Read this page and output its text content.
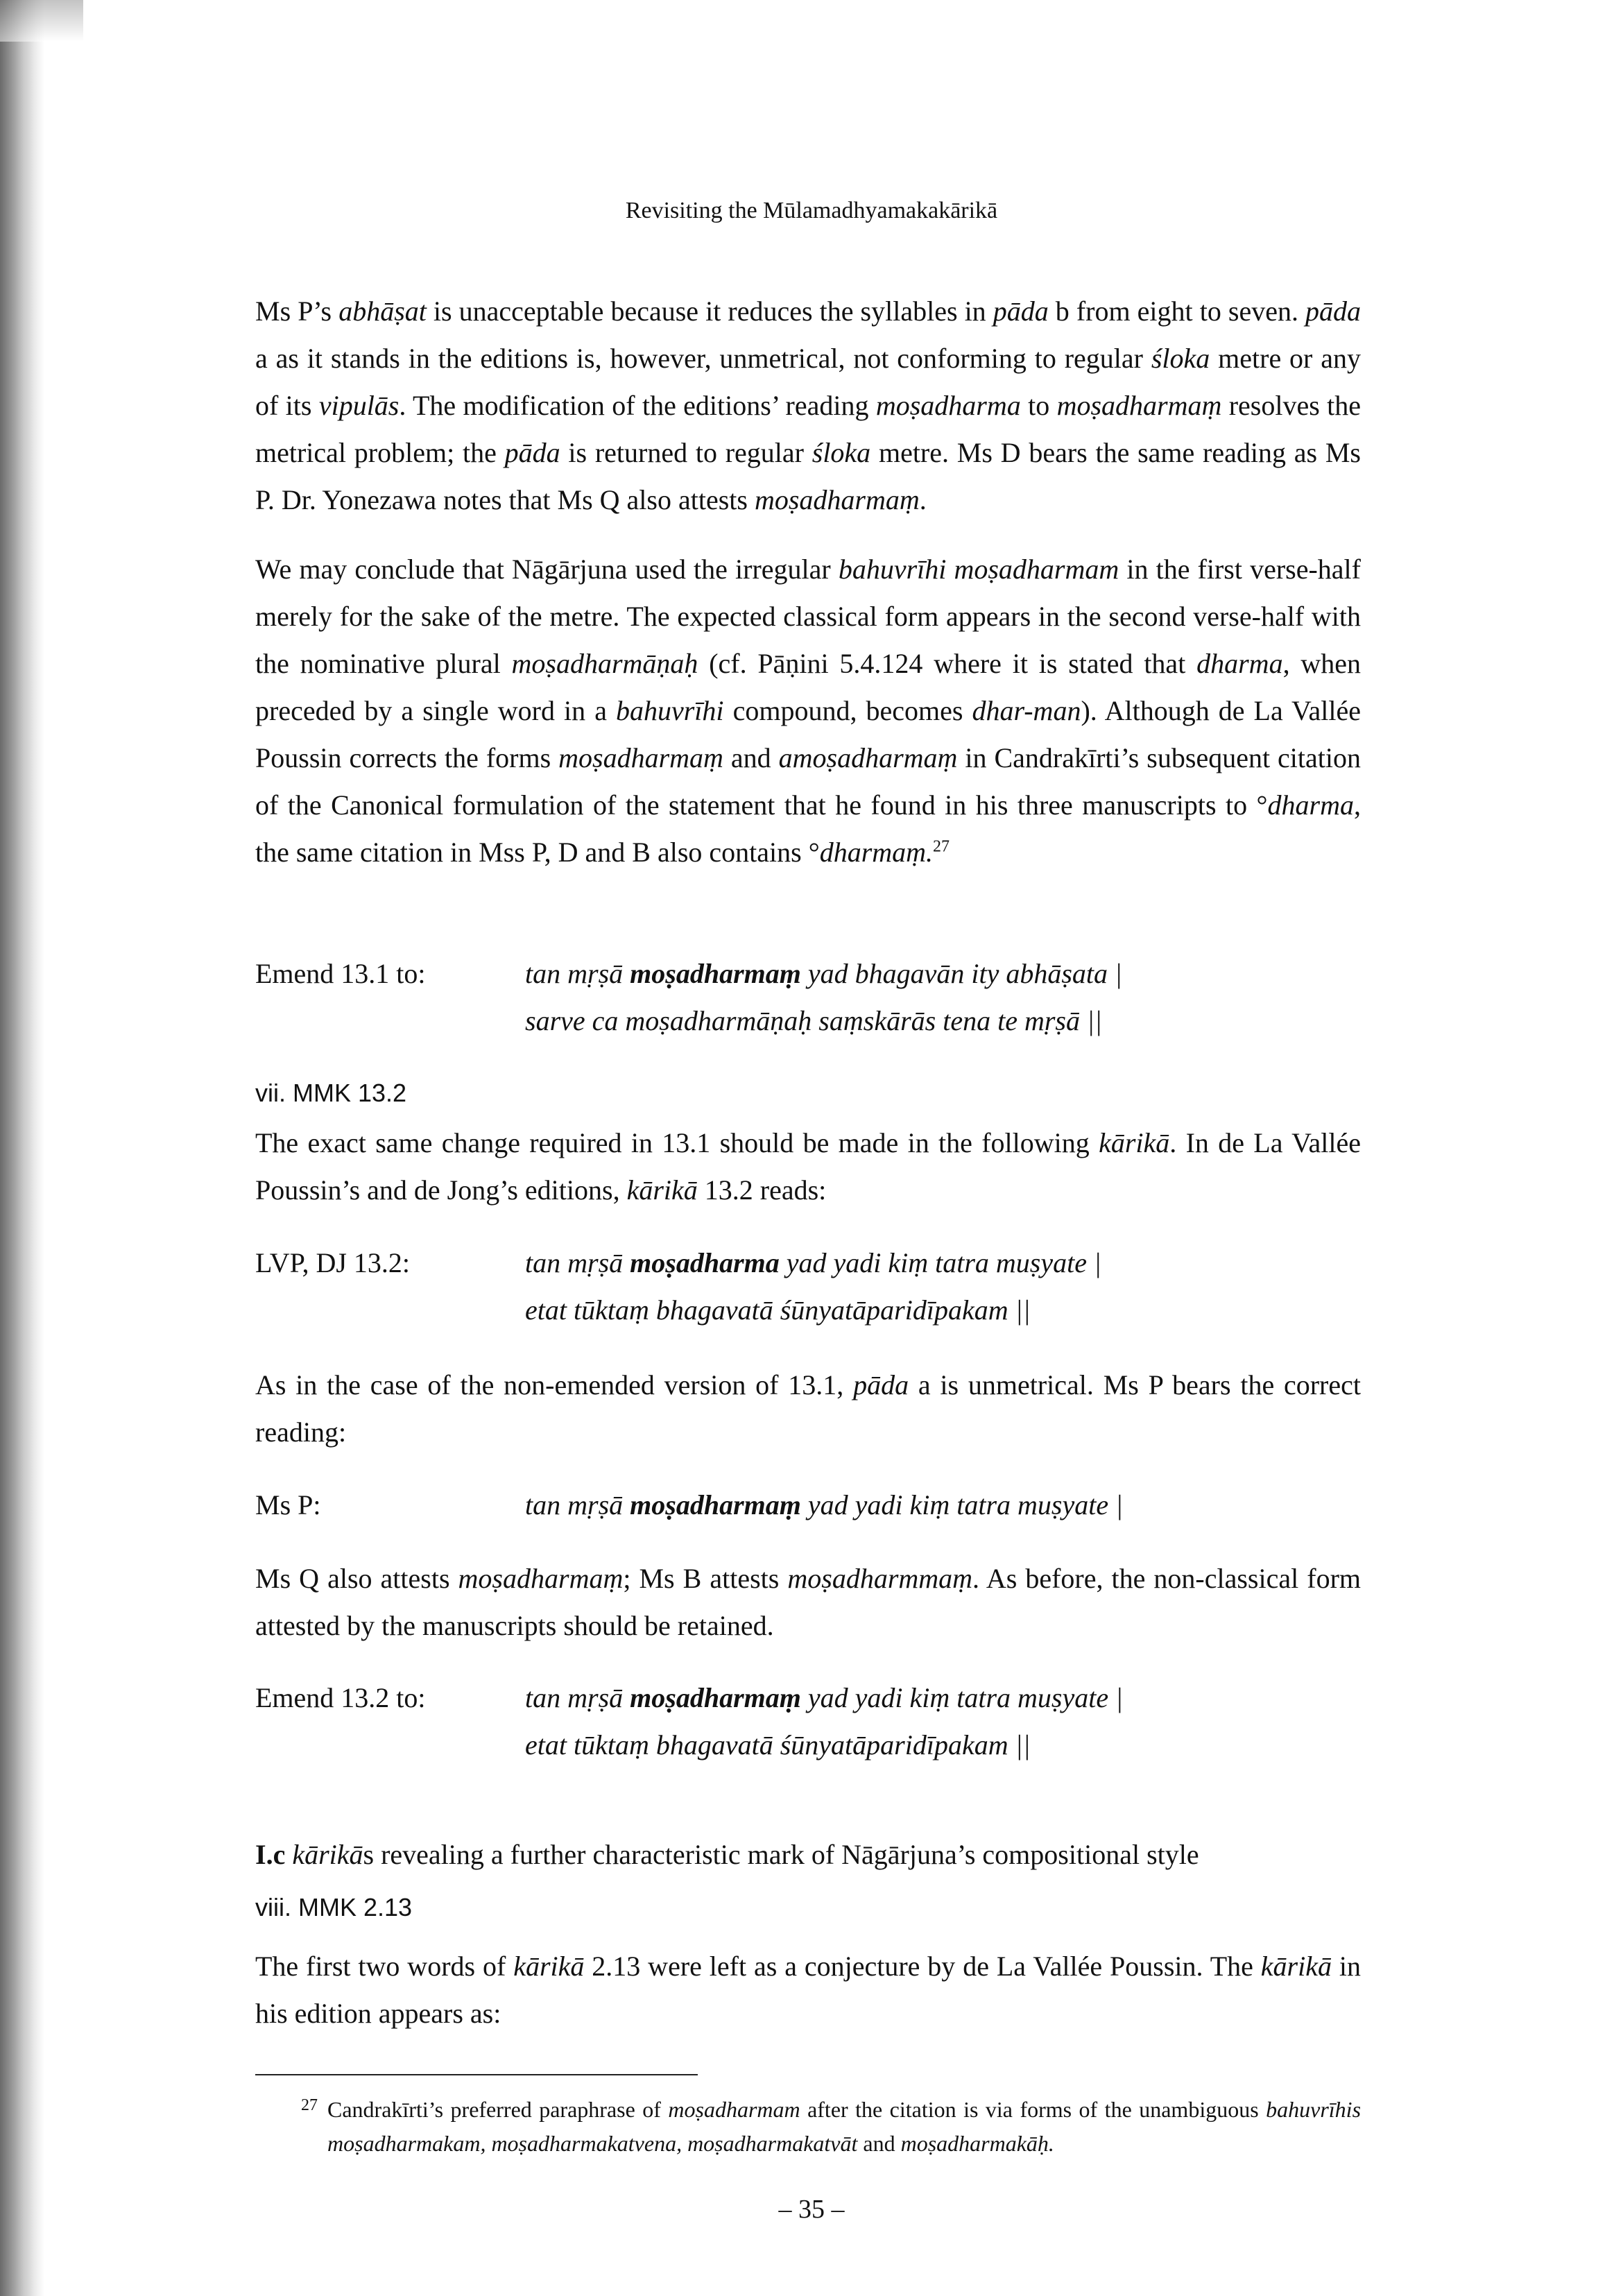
Revisiting the Mūlamadhyamakakārikā
Ms P’s abhāṣat is unacceptable because it reduces the syllables in pāda b from eight to seven. pāda a as it stands in the editions is, however, unmetrical, not conforming to regular śloka metre or any of its vipulās. The modification of the editions’ reading moṣadharma to moṣadharmaṃ resolves the metrical problem; the pāda is returned to regular śloka metre. Ms D bears the same reading as Ms P. Dr. Yonezawa notes that Ms Q also attests moṣadharmaṃ.
We may conclude that Nāgārjuna used the irregular bahuvrīhi moṣadharmam in the first verse-half merely for the sake of the metre. The expected classical form appears in the second verse-half with the nominative plural moṣadharmāṇaḥ (cf. Pāṇini 5.4.124 where it is stated that dharma, when preceded by a single word in a bahuvrīhi compound, becomes dhar-man). Although de La Vallée Poussin corrects the forms moṣadharmaṃ and amoṣadharmaṃ in Candrakīrti’s subsequent citation of the Canonical formulation of the statement that he found in his three manuscripts to °dharma, the same citation in Mss P, D and B also contains °dharmaṃ.$^{27}$
Emend 13.1 to:	tan mṛṣā moṣadharmaṃ yad bhagavān ity abhāṣata |
sarve ca moṣadharmāṇaḥ saṃskārās tena te mṛṣā ||
vii. MMK 13.2
The exact same change required in 13.1 should be made in the following kārikā. In de La Vallée Poussin’s and de Jong’s editions, kārikā 13.2 reads:
LVP, DJ 13.2:	tan mṛṣā moṣadharma yad yadi kiṃ tatra muṣyate |
etat tūktaṃ bhagavatā śūnyatāparidīpakam ||
As in the case of the non-emended version of 13.1, pāda a is unmetrical. Ms P bears the correct reading:
Ms P:	tan mṛṣā moṣadharmaṃ yad yadi kiṃ tatra muṣyate |
Ms Q also attests moṣadharmaṃ; Ms B attests moṣadharmmaṃ. As before, the non-classical form attested by the manuscripts should be retained.
Emend 13.2 to:	tan mṛṣā moṣadharmaṃ yad yadi kiṃ tatra muṣyate |
etat tūktaṃ bhagavatā śūnyatāparidīpakam ||
I.c kārikās revealing a further characteristic mark of Nāgārjuna’s compositional style
viii. MMK 2.13
The first two words of kārikā 2.13 were left as a conjecture by de La Vallée Poussin. The kārikā in his edition appears as:
27 Candrakīrti’s preferred paraphrase of moṣadharmam after the citation is via forms of the unambiguous bahuvrīhis moṣadharmakam, moṣadharmakatvena, moṣadharmakatvāt and moṣadharmakāḥ.
– 35 –
